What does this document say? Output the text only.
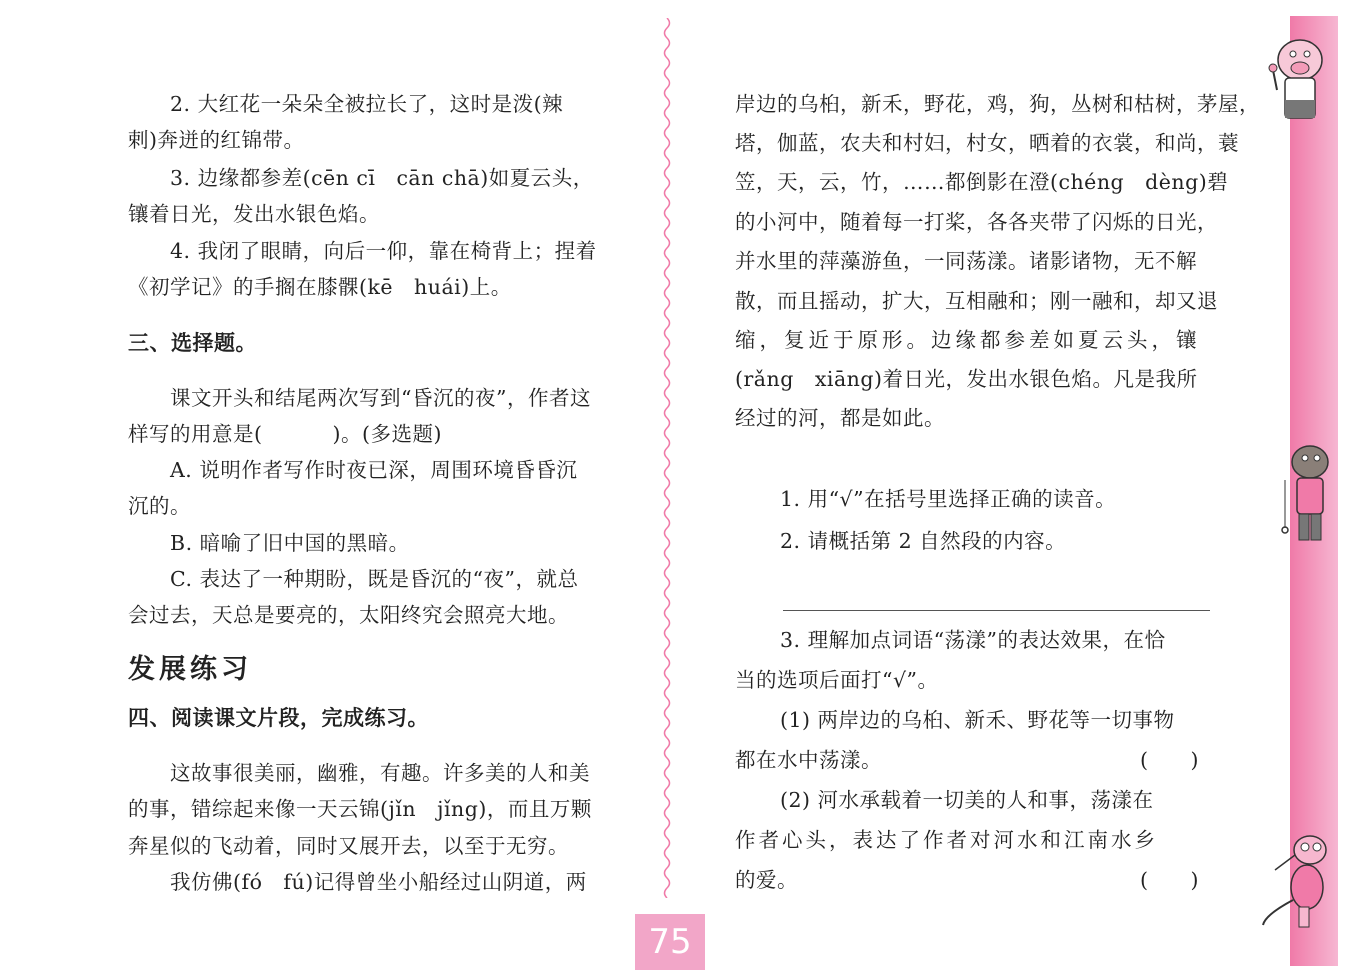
2. 大红花一朵朵全被拉长了，这时是泼(辣
剌)奔迸的红锦带。
3. 边缘都参差(cēn cī　cān chā)如夏云头，
镶着日光，发出水银色焰。
4. 我闭了眼睛，向后一仰，靠在椅背上；捏着
《初学记》的手搁在膝髁(kē　huái)上。
三、选择题。
课文开头和结尾两次写到“昏沉的夜”，作者这
样写的用意是(	)。(多选题)
A. 说明作者写作时夜已深，周围环境昏昏沉
沉的。
B. 暗喻了旧中国的黑暗。
C. 表达了一种期盼，既是昏沉的“夜”，就总
会过去，天总是要亮的，太阳终究会照亮大地。
发展练习
四、阅读课文片段，完成练习。
这故事很美丽，幽雅，有趣。许多美的人和美
的事，错综起来像一天云锦(jǐn　jǐng)，而且万颗
奔星似的飞动着，同时又展开去，以至于无穷。
我仿佛(fó　fú)记得曾坐小船经过山阴道，两
岸边的乌桕，新禾，野花，鸡，狗，丛树和枯树，茅屋，
塔，伽蓝，农夫和村妇，村女，晒着的衣裳，和尚，蓑
笠，天，云，竹，……都倒影在澄(chéng　dèng)碧
的小河中，随着每一打桨，各各夹带了闪烁的日光，
并水里的萍藻游鱼，一同荡漾。诸影诸物，无不解
散，而且摇动，扩大，互相融和；刚一融和，却又退
缩，复近于原形。边缘都参差如夏云头，镶
(rǎng　xiāng)着日光，发出水银色焰。凡是我所
经过的河，都是如此。
1. 用“√”在括号里选择正确的读音。
2. 请概括第 2 自然段的内容。
3. 理解加点词语“荡漾”的表达效果，在恰
当的选项后面打“√”。
(1) 两岸边的乌桕、新禾、野花等一切事物
都在水中荡漾。	(　　)
(2) 河水承载着一切美的人和事，荡漾在
作者心头，表达了作者对河水和江南水乡
的爱。	(　　)
75
